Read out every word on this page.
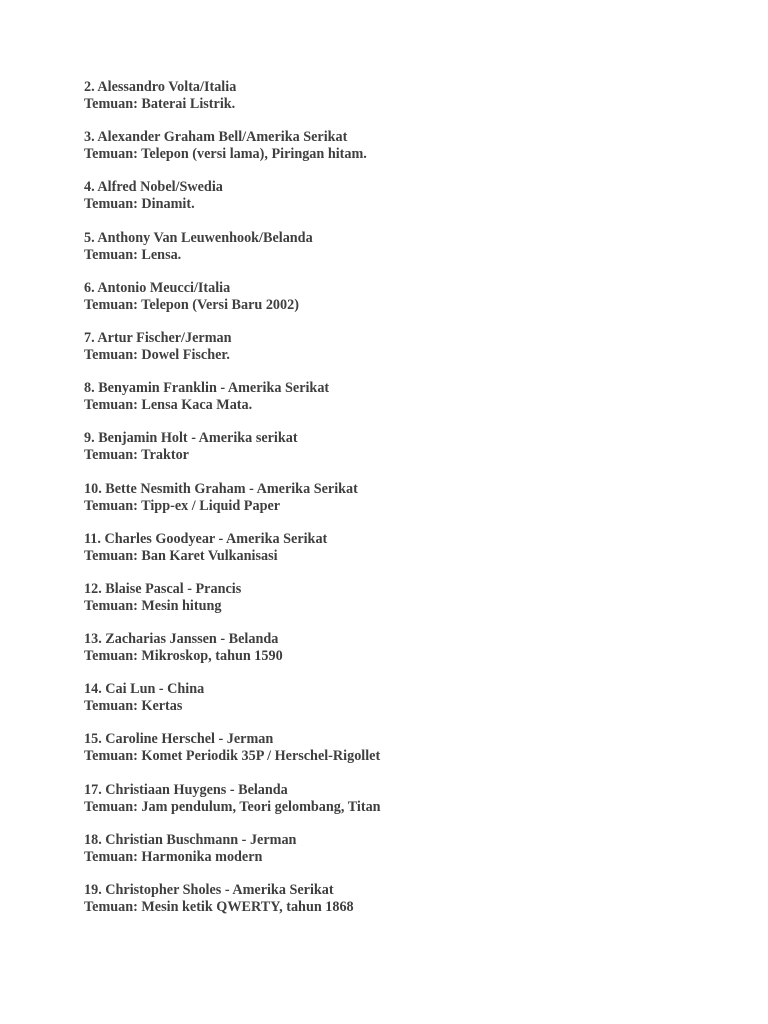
2. Alessandro Volta/Italia
Temuan: Baterai Listrik.
3. Alexander Graham Bell/Amerika Serikat
Temuan: Telepon (versi lama), Piringan hitam.
4. Alfred Nobel/Swedia
Temuan: Dinamit.
5. Anthony Van Leuwenhook/Belanda
Temuan: Lensa.
6. Antonio Meucci/Italia
Temuan: Telepon (Versi Baru 2002)
7. Artur Fischer/Jerman
Temuan: Dowel Fischer.
8. Benyamin Franklin - Amerika Serikat
Temuan: Lensa Kaca Mata.
9. Benjamin Holt - Amerika serikat
Temuan: Traktor
10. Bette Nesmith Graham - Amerika Serikat
Temuan: Tipp-ex / Liquid Paper
11. Charles Goodyear - Amerika Serikat
Temuan: Ban Karet Vulkanisasi
12. Blaise Pascal - Prancis
Temuan: Mesin hitung
13. Zacharias Janssen - Belanda
Temuan: Mikroskop, tahun 1590
14. Cai Lun - China
Temuan: Kertas
15. Caroline Herschel - Jerman
Temuan: Komet Periodik 35P / Herschel-Rigollet
17. Christiaan Huygens - Belanda
Temuan: Jam pendulum, Teori gelombang, Titan
18. Christian Buschmann - Jerman
Temuan: Harmonika modern
19. Christopher Sholes - Amerika Serikat
Temuan: Mesin ketik QWERTY, tahun 1868
